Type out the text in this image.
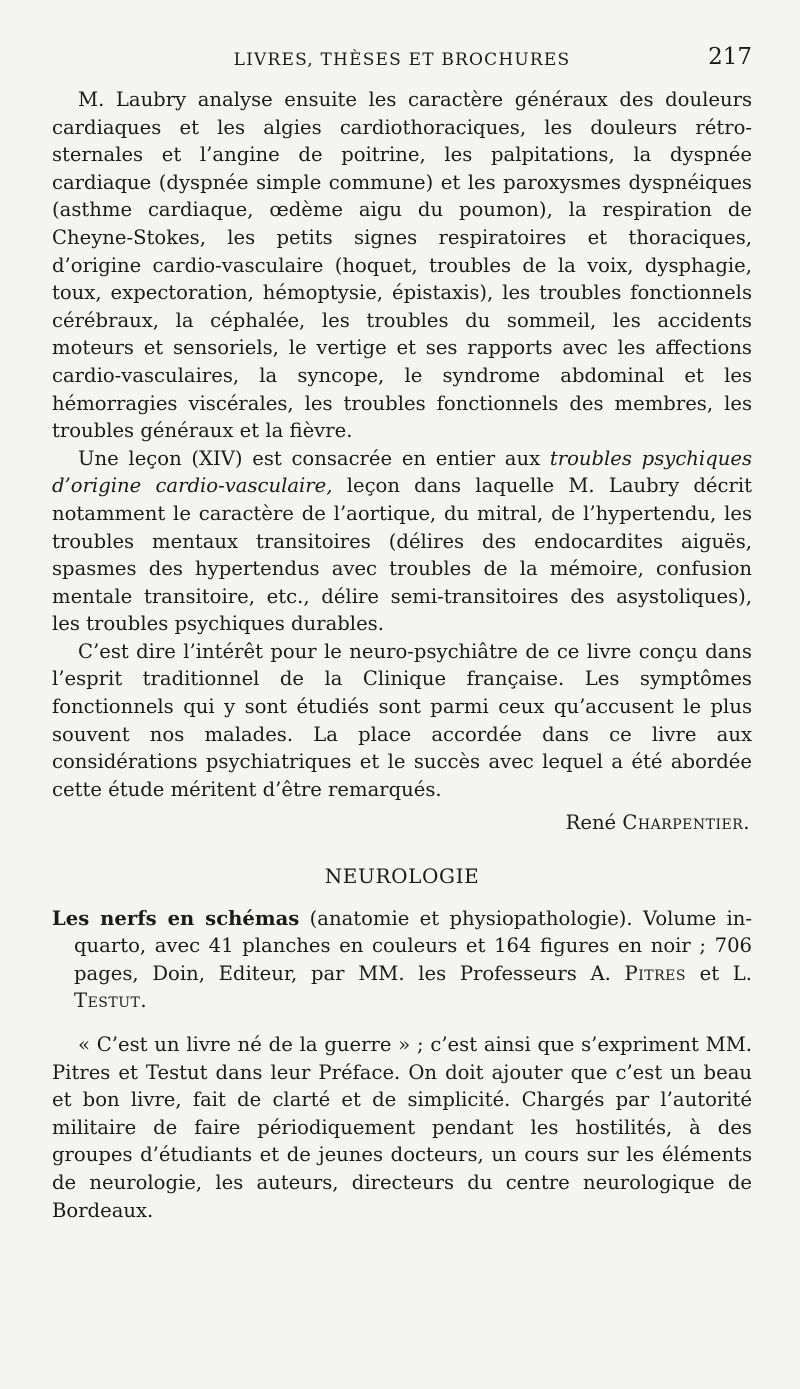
LIVRES, THÈSES ET BROCHURES	217

M. Laubry analyse ensuite les caractère généraux des douleurs cardiaques et les algies cardiothoraciques, les douleurs rétro-sternales et l’angine de poitrine, les palpitations, la dyspnée cardiaque (dyspnée simple commune) et les paroxysmes dyspnéiques (asthme cardiaque, œdème aigu du poumon), la respiration de Cheyne-Stokes, les petits signes respiratoires et thoraciques, d’origine cardio-vasculaire (hoquet, troubles de la voix, dysphagie, toux, expectoration, hémoptysie, épistaxis), les troubles fonctionnels cérébraux, la céphalée, les troubles du sommeil, les accidents moteurs et sensoriels, le vertige et ses rapports avec les affections cardio-vasculaires, la syncope, le syndrome abdominal et les hémorragies viscérales, les troubles fonctionnels des membres, les troubles généraux et la fièvre.

Une leçon (XIV) est consacrée en entier aux troubles psychiques d’origine cardio-vasculaire, leçon dans laquelle M. Laubry décrit notamment le caractère de l’aortique, du mitral, de l’hypertendu, les troubles mentaux transitoires (délires des endocardites aiguës, spasmes des hypertendus avec troubles de la mémoire, confusion mentale transitoire, etc., délire semi-transitoires des asystoliques), les troubles psychiques durables.

C’est dire l’intérêt pour le neuro-psychiâtre de ce livre conçu dans l’esprit traditionnel de la Clinique française. Les symptômes fonctionnels qui y sont étudiés sont parmi ceux qu’accusent le plus souvent nos malades. La place accordée dans ce livre aux considérations psychiatriques et le succès avec lequel a été abordée cette étude méritent d’être remarqués.

René Charpentier.

NEUROLOGIE

Les nerfs en schémas (anatomie et physiopathologie). Volume in-quarto, avec 41 planches en couleurs et 164 figures en noir ; 706 pages, Doin, Editeur, par MM. les Professeurs A. Pitres et L. Testut.

« C’est un livre né de la guerre » ; c’est ainsi que s’expriment MM. Pitres et Testut dans leur Préface. On doit ajouter que c’est un beau et bon livre, fait de clarté et de simplicité. Chargés par l’autorité militaire de faire périodiquement pendant les hostilités, à des groupes d’étudiants et de jeunes docteurs, un cours sur les éléments de neurologie, les auteurs, directeurs du centre neurologique de Bordeaux.
